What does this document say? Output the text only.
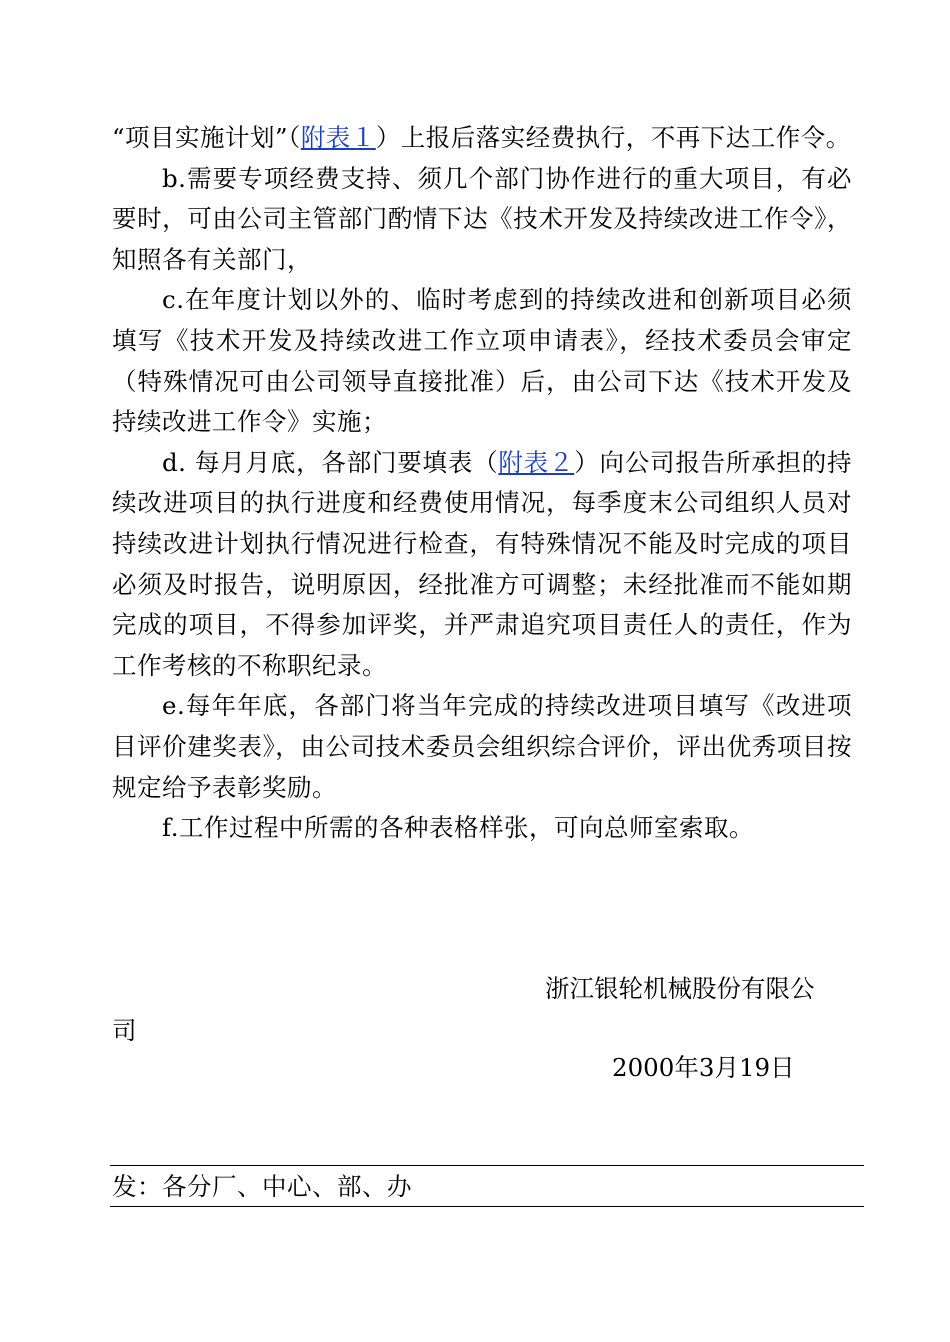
“项目实施计划”（附表１）上报后落实经费执行，不再下达工作令。

b.需要专项经费支持、须几个部门协作进行的重大项目，有必要时，可由公司主管部门酌情下达《技术开发及持续改进工作令》，知照各有关部门，

c.在年度计划以外的、临时考虑到的持续改进和创新项目必须填写《技术开发及持续改进工作立项申请表》，经技术委员会审定（特殊情况可由公司领导直接批准）后，由公司下达《技术开发及持续改进工作令》实施；

d. 每月月底，各部门要填表（附表２）向公司报告所承担的持续改进项目的执行进度和经费使用情况，每季度末公司组织人员对持续改进计划执行情况进行检查，有特殊情况不能及时完成的项目必须及时报告，说明原因，经批准方可调整；未经批准而不能如期完成的项目，不得参加评奖，并严肃追究项目责任人的责任，作为工作考核的不称职纪录。

e.每年年底，各部门将当年完成的持续改进项目填写《改进项目评价建奖表》，由公司技术委员会组织综合评价，评出优秀项目按规定给予表彰奖励。

f.工作过程中所需的各种表格样张，可向总师室索取。

浙江银轮机械股份有限公
司
2000年3月19日
发：各分厂、中心、部、办
